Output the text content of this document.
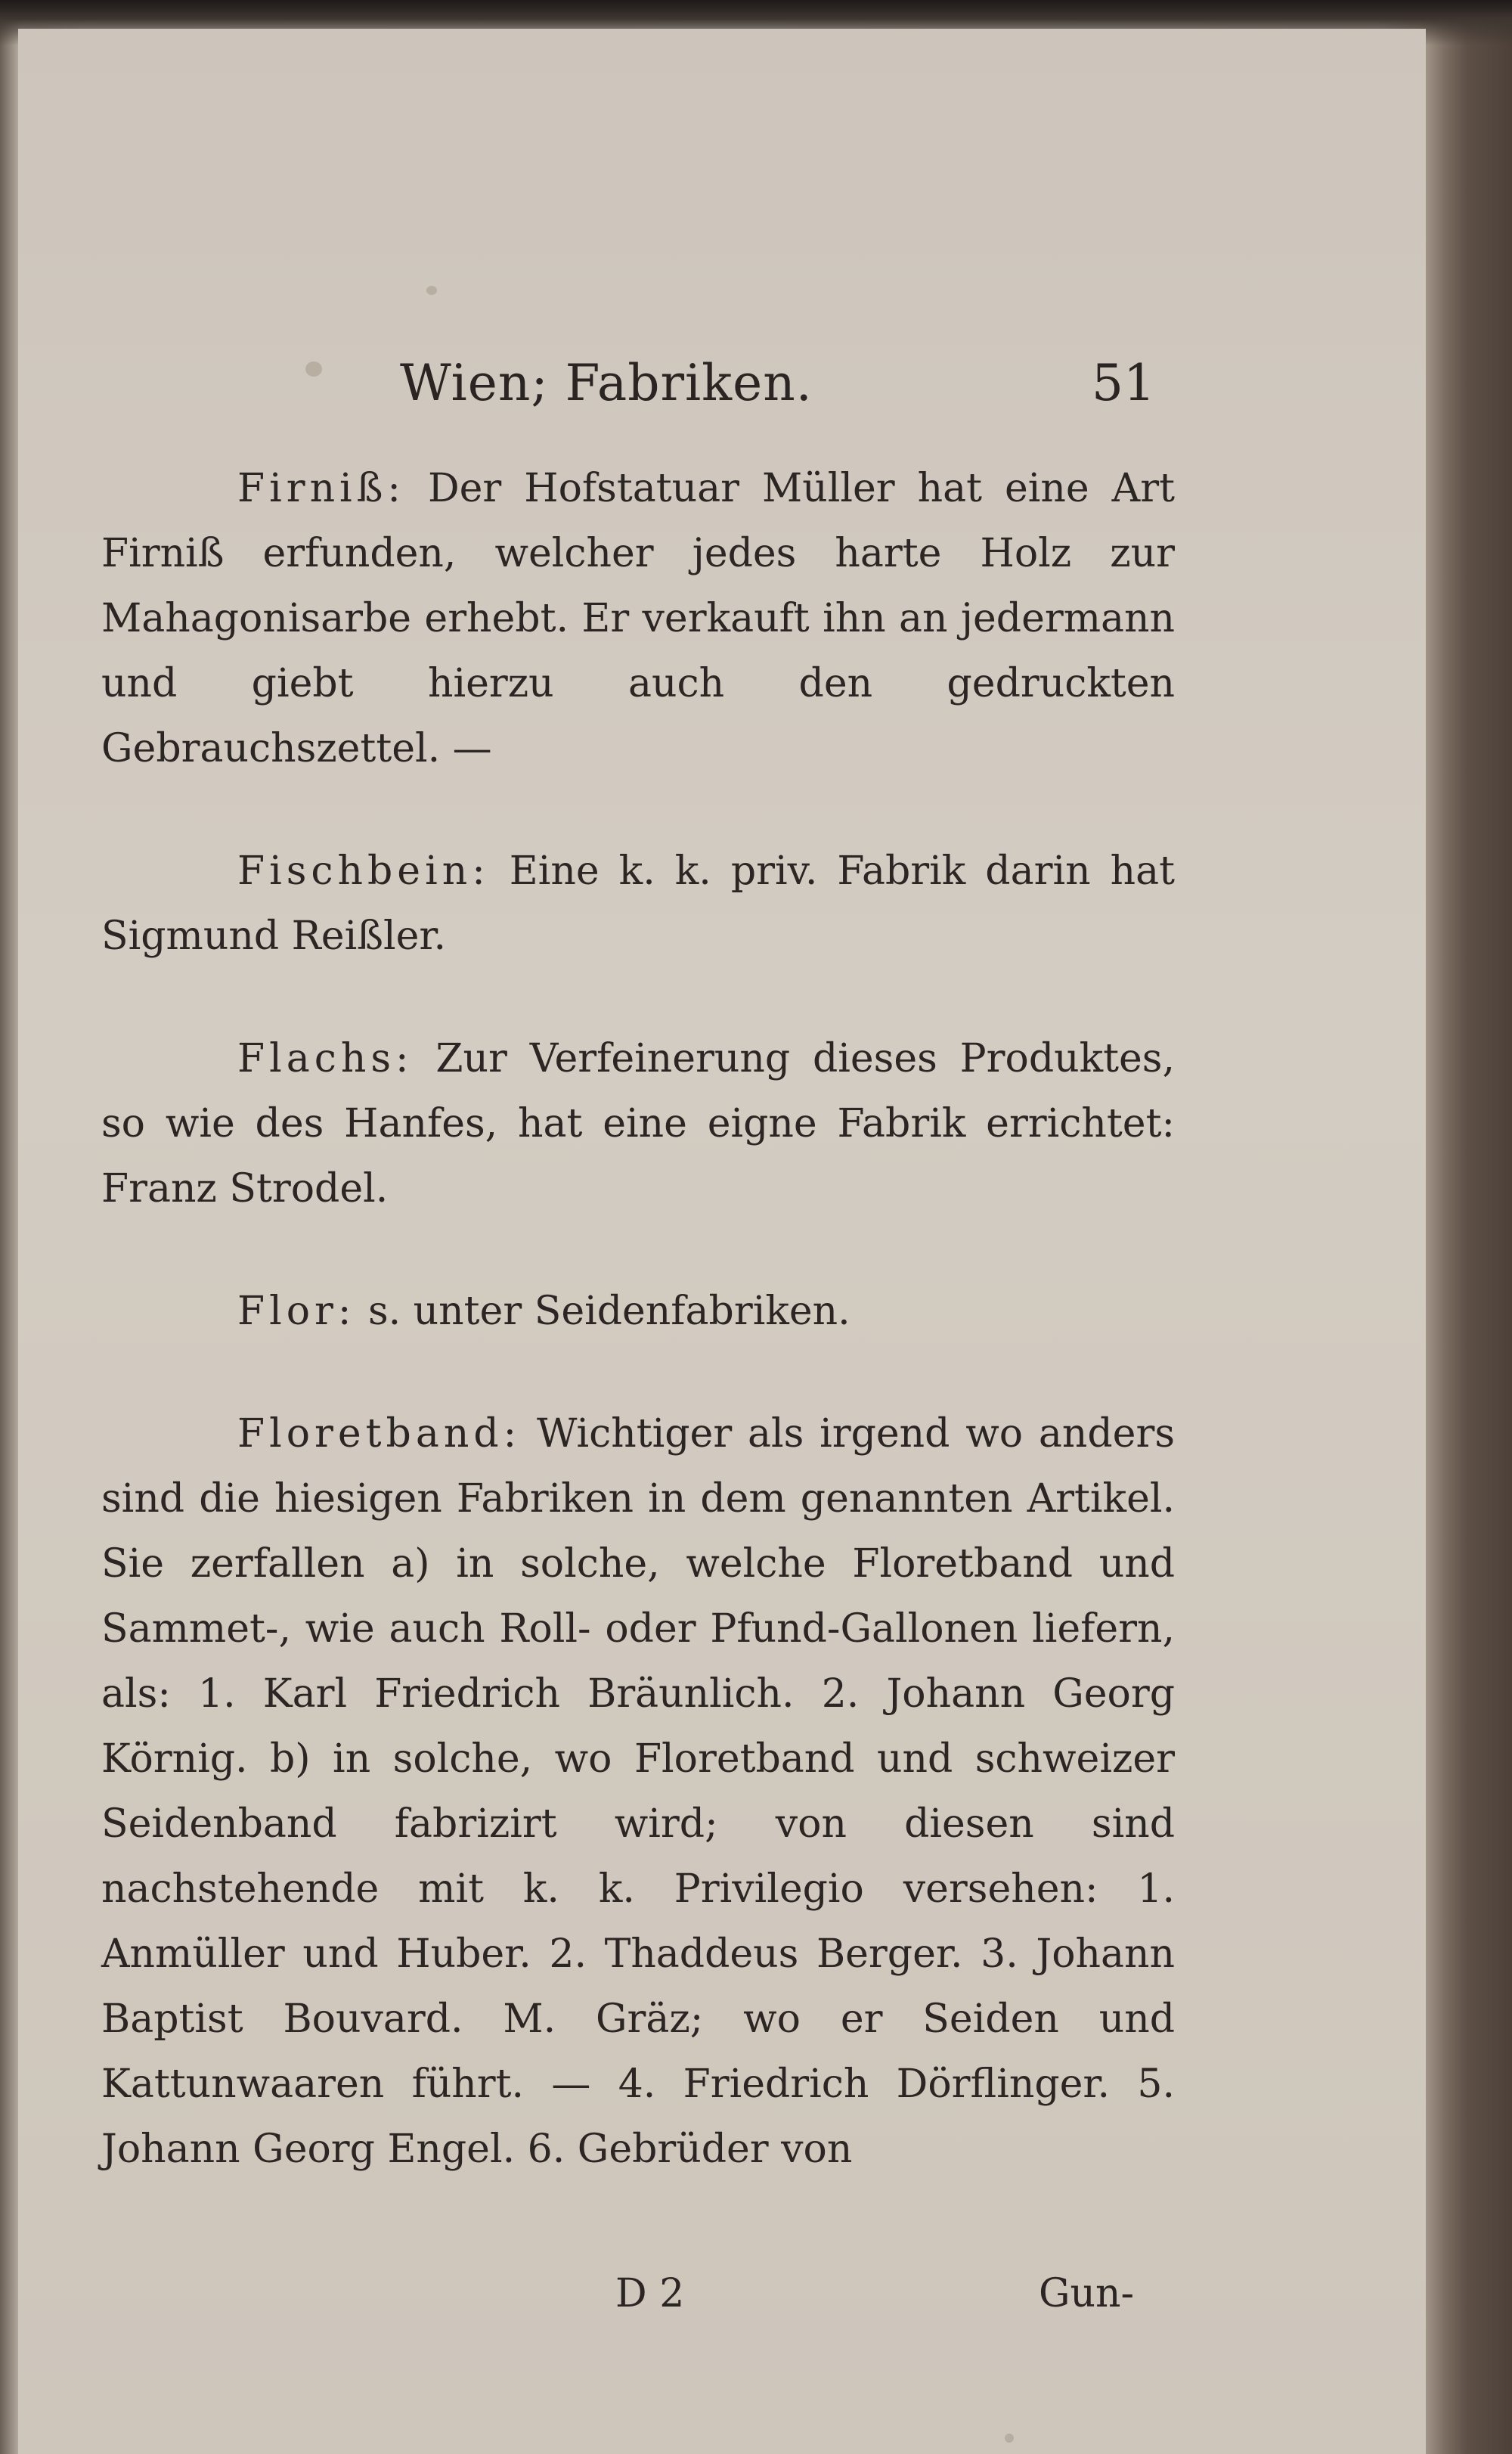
Wien; Fabriken.	51

Firniß: Der Hofstatuar Müller hat eine Art Firniß erfunden, welcher jedes harte Holz zur Mahagonisarbe erhebt. Er verkauft ihn an jedermann und giebt hierzu auch den gedruckten Gebrauchszettel. —

Fischbein: Eine k. k. priv. Fabrik darin hat Sigmund Reißler.

Flachs: Zur Verfeinerung dieses Produktes, so wie des Hanfes, hat eine eigne Fabrik errichtet: Franz Strodel.

Flor: s. unter Seidenfabriken.

Floretband: Wichtiger als irgend wo anders sind die hiesigen Fabriken in dem genannten Artikel. Sie zerfallen a) in solche, welche Floretband und Sammet-, wie auch Roll- oder Pfund-Gallonen liefern, als: 1. Karl Friedrich Bräunlich. 2. Johann Georg Körnig. b) in solche, wo Floretband und schweizer Seidenband fabrizirt wird; von diesen sind nachstehende mit k. k. Privilegio versehen: 1. Anmüller und Huber. 2. Thaddeus Berger. 3. Johann Baptist Bouvard. M. Gräz; wo er Seiden und Kattunwaaren führt. — 4. Friedrich Dörflinger. 5. Johann Georg Engel. 6. Gebrüder von

D 2	Gun-
